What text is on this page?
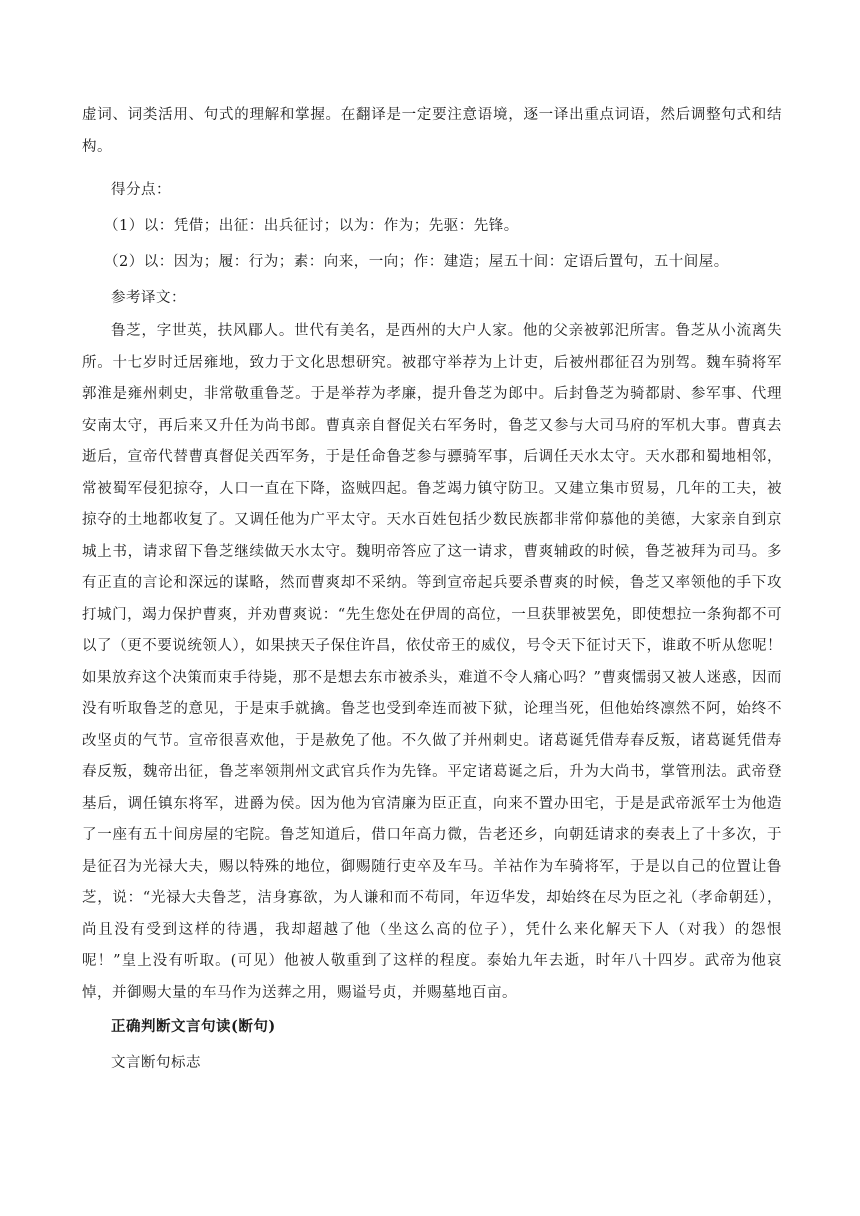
虚词、词类活用、句式的理解和掌握。在翻译是一定要注意语境，逐一译出重点词语，然后调整句式和结构。

得分点：

（1）以：凭借；出征：出兵征讨；以为：作为；先驱：先锋。

（2）以：因为；履：行为；素：向来，一向；作：建造；屋五十间：定语后置句，五十间屋。

参考译文：

鲁芝，字世英，扶风郿人。世代有美名，是西州的大户人家。他的父亲被郭汜所害。鲁芝从小流离失所。十七岁时迁居雍地，致力于文化思想研究。被郡守举荐为上计吏，后被州郡征召为别驾。魏车骑将军郭淮是雍州刺史，非常敬重鲁芝。于是举荐为孝廉，提升鲁芝为郎中。后封鲁芝为骑都尉、参军事、代理安南太守，再后来又升任为尚书郎。曹真亲自督促关右军务时，鲁芝又参与大司马府的军机大事。曹真去逝后，宣帝代替曹真督促关西军务，于是任命鲁芝参与骠骑军事，后调任天水太守。天水郡和蜀地相邻，常被蜀军侵犯掠夺，人口一直在下降，盗贼四起。鲁芝竭力镇守防卫。又建立集市贸易，几年的工夫，被掠夺的土地都收复了。又调任他为广平太守。天水百姓包括少数民族都非常仰慕他的美德，大家亲自到京城上书，请求留下鲁芝继续做天水太守。魏明帝答应了这一请求，曹爽辅政的时候，鲁芝被拜为司马。多有正直的言论和深远的谋略，然而曹爽却不采纳。等到宣帝起兵要杀曹爽的时候，鲁芝又率领他的手下攻打城门，竭力保护曹爽，并劝曹爽说：“先生您处在伊周的高位，一旦获罪被罢免，即使想拉一条狗都不可以了（更不要说统领人），如果挟天子保住许昌，依仗帝王的威仪，号令天下征讨天下，谁敢不听从您呢！如果放弃这个决策而束手待毙，那不是想去东市被杀头，难道不令人痛心吗？”曹爽懦弱又被人迷惑，因而没有听取鲁芝的意见，于是束手就擒。鲁芝也受到牵连而被下狱，论理当死，但他始终凛然不阿，始终不改坚贞的气节。宣帝很喜欢他，于是赦免了他。不久做了并州刺史。诸葛诞凭借寿春反叛，诸葛诞凭借寿春反叛，魏帝出征，鲁芝率领荆州文武官兵作为先锋。平定诸葛诞之后，升为大尚书，掌管刑法。武帝登基后，调任镇东将军，进爵为侯。因为他为官清廉为臣正直，向来不置办田宅，于是是武帝派军士为他造了一座有五十间房屋的宅院。鲁芝知道后，借口年高力微，告老还乡，向朝廷请求的奏表上了十多次，于是征召为光禄大夫，赐以特殊的地位，御赐随行吏卒及车马。羊祜作为车骑将军，于是以自己的位置让鲁芝，说：“光禄大夫鲁芝，洁身寡欲，为人谦和而不苟同，年迈华发，却始终在尽为臣之礼（孝命朝廷），尚且没有受到这样的待遇，我却超越了他（坐这么高的位子），凭什么来化解天下人（对我）的怨恨呢！”皇上没有听取。(可见）他被人敬重到了这样的程度。泰始九年去逝，时年八十四岁。武帝为他哀悼，并御赐大量的车马作为送葬之用，赐谥号贞，并赐墓地百亩。

正确判断文言句读(断句)

文言断句标志
